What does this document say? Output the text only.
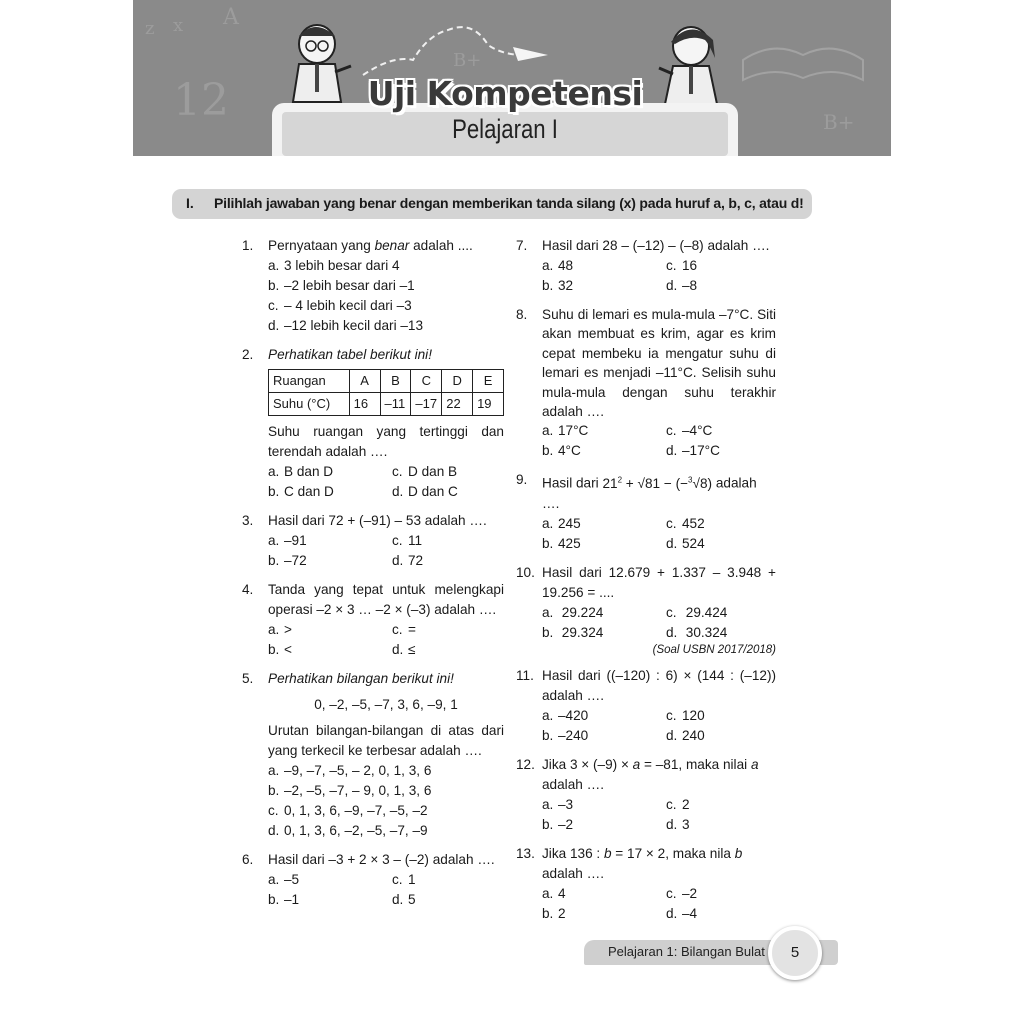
12	B+
A
B+
x
z
Uji Kompetensi
Pelajaran I
I. Pilihlah jawaban yang benar dengan memberikan tanda silang (x) pada huruf a, b, c, atau d!
1. Pernyataan yang benar adalah ....
a. 3 lebih besar dari 4
b. –2 lebih besar dari –1
c. – 4 lebih kecil dari –3
d. –12 lebih kecil dari –13
2. Perhatikan tabel berikut ini!
Ruangan	A	B	C	D	E
Suhu (°C)	16	–11	–17	22	19
Suhu ruangan yang tertinggi dan terendah adalah ….
a. B dan D	c. D dan B
b. C dan D	d. D dan C
3. Hasil dari 72 + (–91) – 53 adalah ….
a. –91	c. 11
b. –72	d. 72
4. Tanda yang tepat untuk melengkapi operasi –2 × 3 … –2 × (–3) adalah ….
a. >	c. =
b. <	d. ≤
5. Perhatikan bilangan berikut ini!
0, –2, –5, –7, 3, 6, –9, 1
Urutan bilangan-bilangan di atas dari yang terkecil ke terbesar adalah ….
a. –9, –7, –5, – 2, 0, 1, 3, 6
b. –2, –5, –7, – 9, 0, 1, 3, 6
c. 0, 1, 3, 6, –9, –7, –5, –2
d. 0, 1, 3, 6, –2, –5, –7, –9
6. Hasil dari –3 + 2 × 3 – (–2) adalah ….
a. –5	c. 1
b. –1	d. 5
7. Hasil dari 28 – (–12) – (–8) adalah ….
a. 48	c. 16
b. 32	d. –8
8. Suhu di lemari es mula-mula –7°C. Siti akan membuat es krim, agar es krim cepat membeku ia mengatur suhu di lemari es menjadi –11°C. Selisih suhu mula-mula dengan suhu terakhir adalah ….
a. 17°C	c. –4°C
b. 4°C	d. –17°C
9. Hasil dari $21^2 + √81 - (-^3√8)$ adalah
….
a. 245	c. 452
b. 425	d. 524
10. Hasil dari 12.679 + 1.337 – 3.948 + 19.256 = ....
a. 29.224	c. 29.424
b. 29.324	d. 30.324
(Soal USBN 2017/2018)
11. Hasil dari ((–120) : 6) × (144 : (–12)) adalah ….
a. –420	c. 120
b. –240	d. 240
12. Jika 3 × (–9) × a = –81, maka nilai a
adalah ….
a. –3	c. 2
b. –2	d. 3
13. Jika 136 : b = 17 × 2, maka nila b
adalah ….
a. 4	c. –2
b. 2	d. –4
Pelajaran 1: Bilangan Bulat	5
